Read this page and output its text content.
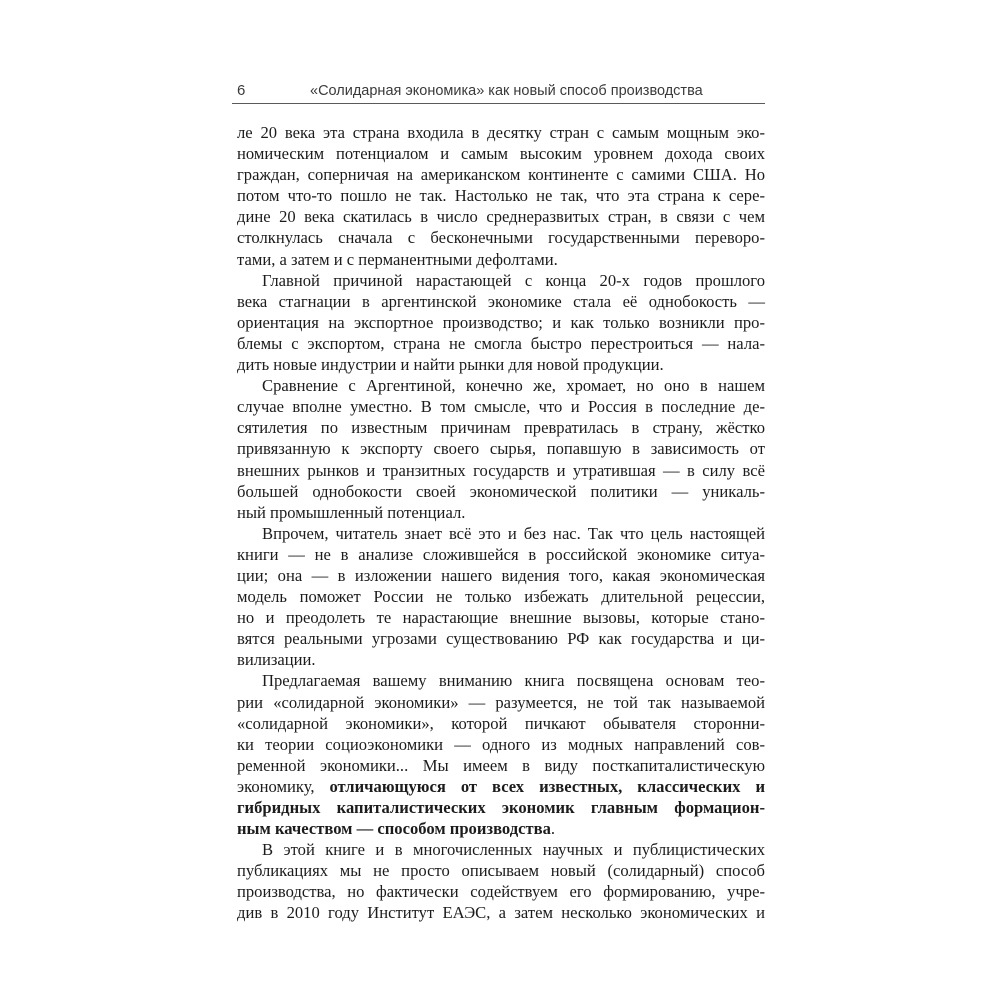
6	«Солидарная экономика» как новый способ производства
ле 20 века эта страна входила в десятку стран с самым мощным эко-
номическим потенциалом и самым высоким уровнем дохода своих
граждан, соперничая на американском континенте с самими США. Но
потом что-то пошло не так. Настолько не так, что эта страна к сере-
дине 20 века скатилась в число среднеразвитых стран, в связи с чем
столкнулась сначала с бесконечными государственными переворо-
тами, а затем и с перманентными дефолтами.
Главной причиной нарастающей с конца 20-х годов прошлого
века стагнации в аргентинской экономике стала её однобокость —
ориентация на экспортное производство; и как только возникли про-
блемы с экспортом, страна не смогла быстро перестроиться — нала-
дить новые индустрии и найти рынки для новой продукции.
Сравнение с Аргентиной, конечно же, хромает, но оно в нашем
случае вполне уместно. В том смысле, что и Россия в последние де-
сятилетия по известным причинам превратилась в страну, жёстко
привязанную к экспорту своего сырья, попавшую в зависимость от
внешних рынков и транзитных государств и утратившая — в силу всё
большей однобокости своей экономической политики — уникаль-
ный промышленный потенциал.
Впрочем, читатель знает всё это и без нас. Так что цель настоящей
книги — не в анализе сложившейся в российской экономике ситуа-
ции; она — в изложении нашего видения того, какая экономическая
модель поможет России не только избежать длительной рецессии,
но и преодолеть те нарастающие внешние вызовы, которые стано-
вятся реальными угрозами существованию РФ как государства и ци-
вилизации.
Предлагаемая вашему вниманию книга посвящена основам тео-
рии «солидарной экономики» — разумеется, не той так называемой
«солидарной экономики», которой пичкают обывателя сторонни-
ки теории социоэкономики — одного из модных направлений сов-
ременной экономики... Мы имеем в виду посткапиталистическую
экономику, отличающуюся от всех известных, классических и
гибридных капиталистических экономик главным формацион-
ным качеством — способом производства.
В этой книге и в многочисленных научных и публицистических
публикациях мы не просто описываем новый (солидарный) способ
производства, но фактически содействуем его формированию, учре-
див в 2010 году Институт ЕАЭС, а затем несколько экономических и
